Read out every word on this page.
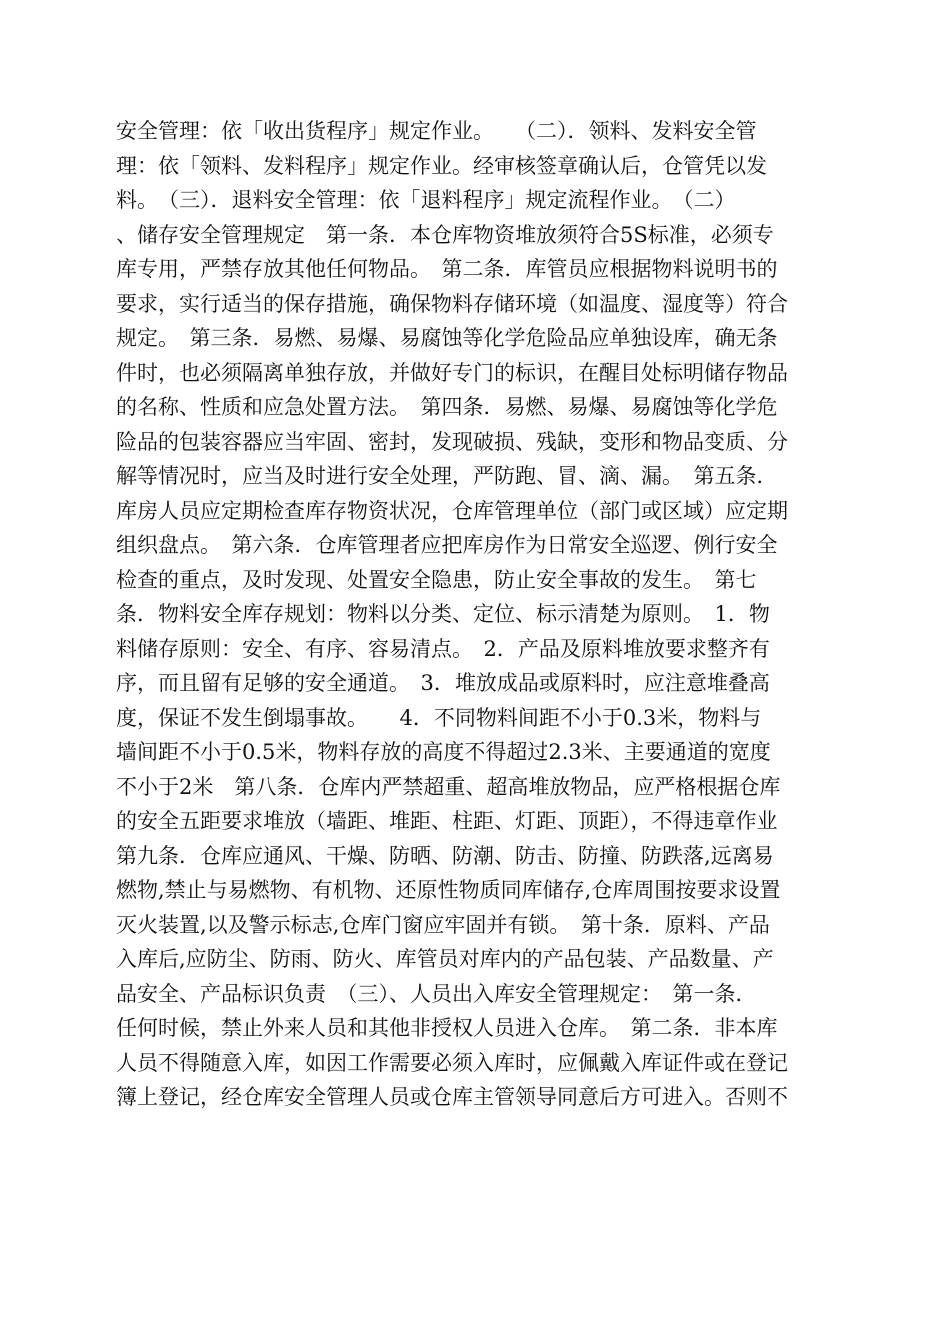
安全管理：依「收出货程序」规定作业。　　（二）．领料、发料安全管
理：依「领料、发料程序」规定作业。经审核签章确认后，仓管凭以发
料。　（三）．退料安全管理：依「退料程序」规定流程作业。　（二）
、储存安全管理规定　第一条．本仓库物资堆放须符合5S标准，必须专
库专用，严禁存放其他任何物品。　第二条．库管员应根据物料说明书的
要求，实行适当的保存措施，确保物料存储环境（如温度、湿度等）符合
规定。　第三条．易燃、易爆、易腐蚀等化学危险品应单独设库，确无条
件时，也必须隔离单独存放，并做好专门的标识，在醒目处标明储存物品
的名称、性质和应急处置方法。　第四条．易燃、易爆、易腐蚀等化学危
险品的包装容器应当牢固、密封，发现破损、残缺，变形和物品变质、分
解等情况时，应当及时进行安全处理，严防跑、冒、滴、漏。　第五条．
库房人员应定期检查库存物资状况，仓库管理单位（部门或区域）应定期
组织盘点。　第六条．仓库管理者应把库房作为日常安全巡逻、例行安全
检查的重点，及时发现、处置安全隐患，防止安全事故的发生。　第七
条．物料安全库存规划：物料以分类、定位、标示清楚为原则。　1．物
料储存原则：安全、有序、容易清点。　2．产品及原料堆放要求整齐有
序，而且留有足够的安全通道。　3．堆放成品或原料时，应注意堆叠高
度，保证不发生倒塌事故。　　4．不同物料间距不小于0.3米，物料与
墙间距不小于0.5米，物料存放的高度不得超过2.3米、主要通道的宽度
不小于2米　第八条．仓库内严禁超重、超高堆放物品，应严格根据仓库
的安全五距要求堆放（墙距、堆距、柱距、灯距、顶距），不得违章作业
第九条．仓库应通风、干燥、防晒、防潮、防击、防撞、防跌落,远离易
燃物,禁止与易燃物、有机物、还原性物质同库储存,仓库周围按要求设置
灭火装置,以及警示标志,仓库门窗应牢固并有锁。　第十条．原料、产品
入库后,应防尘、防雨、防火、库管员对库内的产品包装、产品数量、产
品安全、产品标识负责　（三）、人员出入库安全管理规定：　第一条．
任何时候，禁止外来人员和其他非授权人员进入仓库。　第二条．非本库
人员不得随意入库，如因工作需要必须入库时，应佩戴入库证件或在登记
簿上登记，经仓库安全管理人员或仓库主管领导同意后方可进入。否则不
